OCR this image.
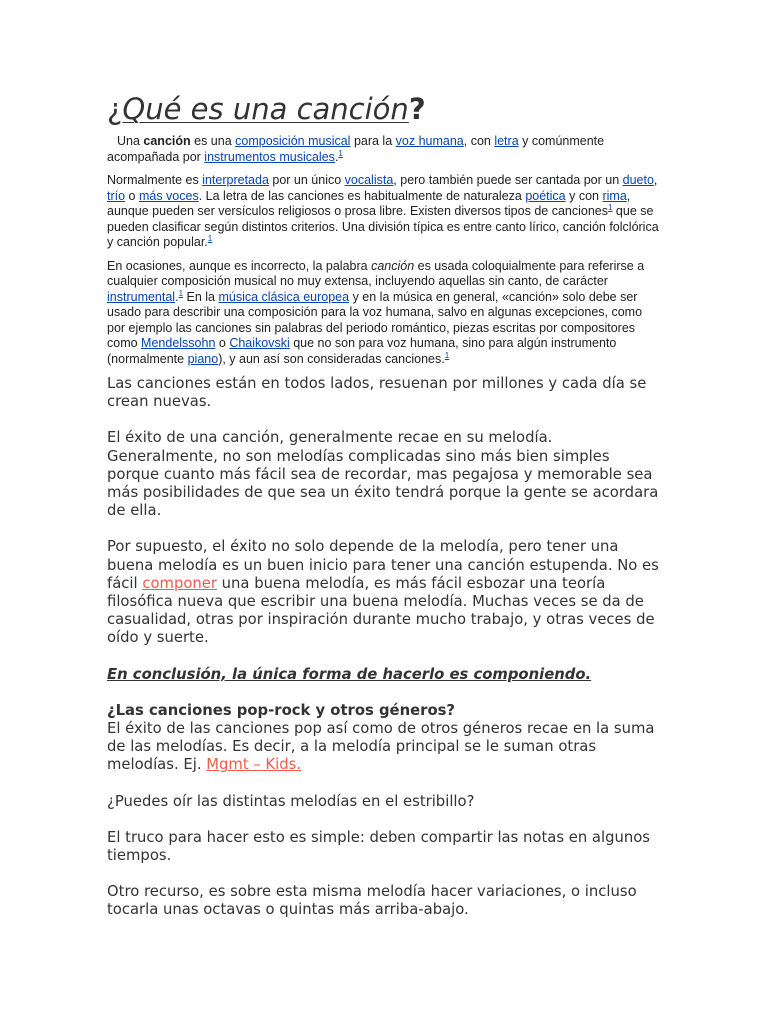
¿Qué es una canción?

Una canción es una composición musical para la voz humana, con letra y comúnmente acompañada por instrumentos musicales.$^1$

Normalmente es interpretada por un único vocalista, pero también puede ser cantada por un dueto, trío o más voces. La letra de las canciones es habitualmente de naturaleza poética y con rima, aunque pueden ser versículos religiosos o prosa libre. Existen diversos tipos de canciones$^1$ que se pueden clasificar según distintos criterios. Una división típica es entre canto lírico, canción folclórica y canción popular.$^1$

En ocasiones, aunque es incorrecto, la palabra canción es usada coloquialmente para referirse a cualquier composición musical no muy extensa, incluyendo aquellas sin canto, de carácter instrumental.$^1$ En la música clásica europea y en la música en general, «canción» solo debe ser usado para describir una composición para la voz humana, salvo en algunas excepciones, como por ejemplo las canciones sin palabras del periodo romántico, piezas escritas por compositores como Mendelssohn o Chaikovski que no son para voz humana, sino para algún instrumento (normalmente piano), y aun así son consideradas canciones.$^1$

Las canciones están en todos lados, resuenan por millones y cada día se crean nuevas.

El éxito de una canción, generalmente recae en su melodía. Generalmente, no son melodías complicadas sino más bien simples porque cuanto más fácil sea de recordar, mas pegajosa y memorable sea más posibilidades de que sea un éxito tendrá porque la gente se acordara de ella.

Por supuesto, el éxito no solo depende de la melodía, pero tener una buena melodía es un buen inicio para tener una canción estupenda. No es fácil componer una buena melodía, es más fácil esbozar una teoría filosófica nueva que escribir una buena melodía. Muchas veces se da de casualidad, otras por inspiración durante mucho trabajo, y otras veces de oído y suerte.

En conclusión, la única forma de hacerlo es componiendo.

¿Las canciones pop-rock y otros géneros?

El éxito de las canciones pop así como de otros géneros recae en la suma de las melodías. Es decir, a la melodía principal se le suman otras melodías. Ej. Mgmt – Kids.

¿Puedes oír las distintas melodías en el estribillo?

El truco para hacer esto es simple: deben compartir las notas en algunos tiempos.

Otro recurso, es sobre esta misma melodía hacer variaciones, o incluso tocarla unas octavas o quintas más arriba-abajo.
